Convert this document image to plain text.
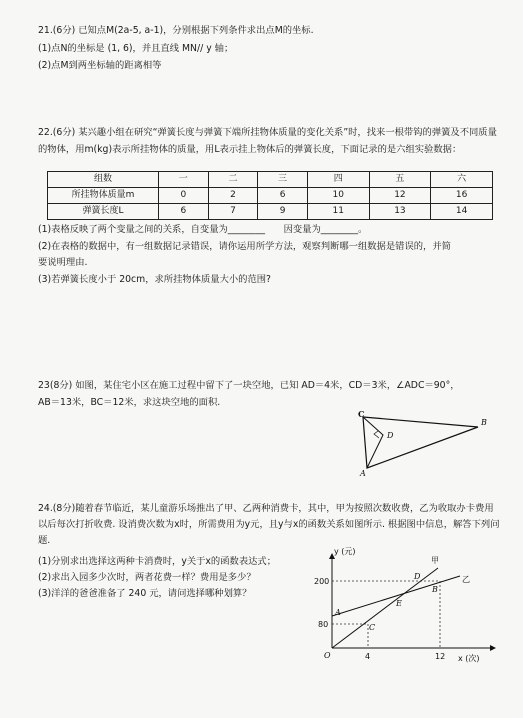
21.(6分) 已知点M(2a-5, a-1)，分别根据下列条件求出点M的坐标.
(1)点N的坐标是 (1, 6)，并且直线 MN// y 轴；
(2)点M到两坐标轴的距离相等
22.(6分) 某兴趣小组在研究“弹簧长度与弹簧下端所挂物体质量的变化关系”时，找来一根带钩的弹簧及不同质量的物体，用m(kg)表示所挂物体的质量，用L表示挂上物体后的弹簧长度，下面记录的是六组实验数据：
组数	一	二	三	四	五	六
所挂物体质量m	0	2	6	10	12	16
弹簧长度L	6	7	9	11	13	14
(1)表格反映了两个变量之间的关系，自变量为________　　因变量为________。
(2)在表格的数据中，有一组数据记录错误，请你运用所学方法，观察判断哪一组数据是错误的，并简
要说明理由.
(3)若弹簧长度小于 20cm，求所挂物体质量大小的范围?
23(8分) 如图，某住宅小区在施工过程中留下了一块空地，已知 AD＝4米，CD＝3米，∠ADC＝90°，
AB＝13米，BC＝12米，求这块空地的面积.
C
B
D
A
24.(8分)随着春节临近，某儿童游乐场推出了甲、乙两种消费卡，其中，甲为按照次数收费，乙为收取办卡费用以后每次打折收费. 设消费次数为x时，所需费用为y元，且y与x的函数关系如图所示. 根据图中信息，解答下列问题.
(1)分别求出选择这两种卡消费时，y关于x的函数表达式；
(2)求出入园多少次时，两者花费一样？费用是多少？
(3)洋洋的爸爸准备了 240 元，请问选择哪种划算？
y (元)
x (次)
200
80
4	12
O
A
B
C
D
E
甲
乙
